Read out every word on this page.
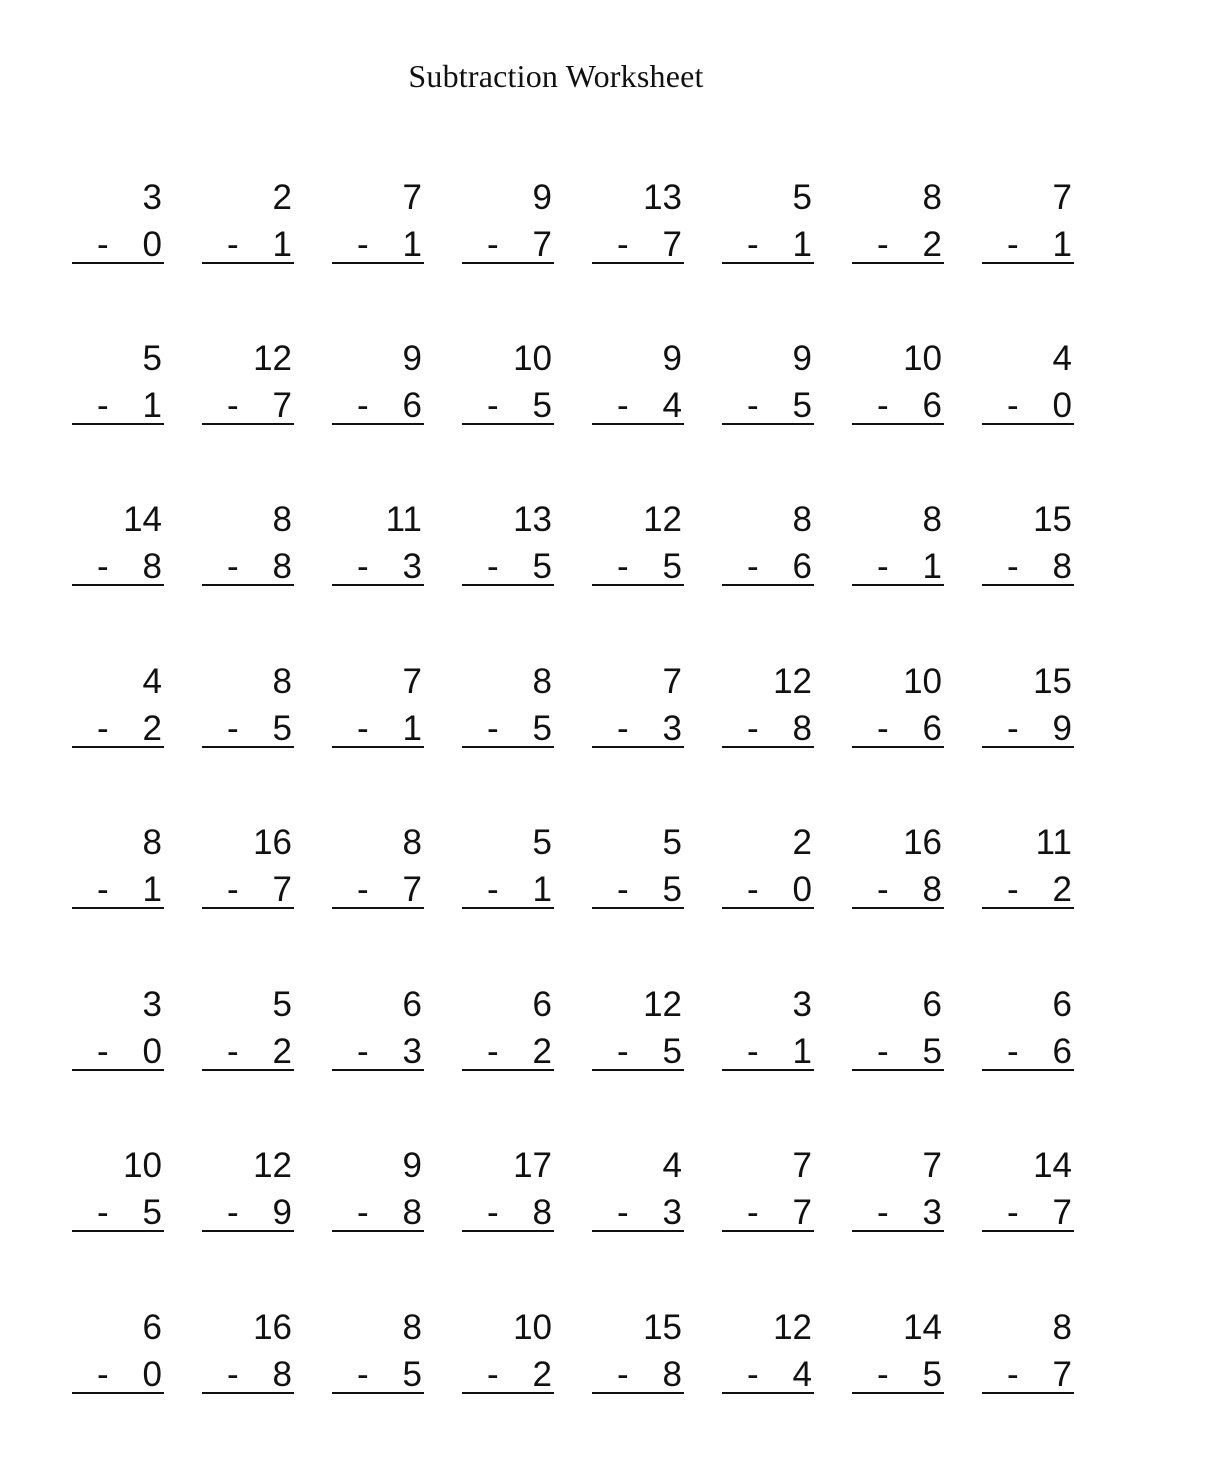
Subtraction Worksheet
3
- 0
2
- 1
7
- 1
9
- 7
13
- 7
5
- 1
8
- 2
7
- 1
5
- 1
12
- 7
9
- 6
10
- 5
9
- 4
9
- 5
10
- 6
4
- 0
14
- 8
8
- 8
11
- 3
13
- 5
12
- 5
8
- 6
8
- 1
15
- 8
4
- 2
8
- 5
7
- 1
8
- 5
7
- 3
12
- 8
10
- 6
15
- 9
8
- 1
16
- 7
8
- 7
5
- 1
5
- 5
2
- 0
16
- 8
11
- 2
3
- 0
5
- 2
6
- 3
6
- 2
12
- 5
3
- 1
6
- 5
6
- 6
10
- 5
12
- 9
9
- 8
17
- 8
4
- 3
7
- 7
7
- 3
14
- 7
6
- 0
16
- 8
8
- 5
10
- 2
15
- 8
12
- 4
14
- 5
8
- 7
